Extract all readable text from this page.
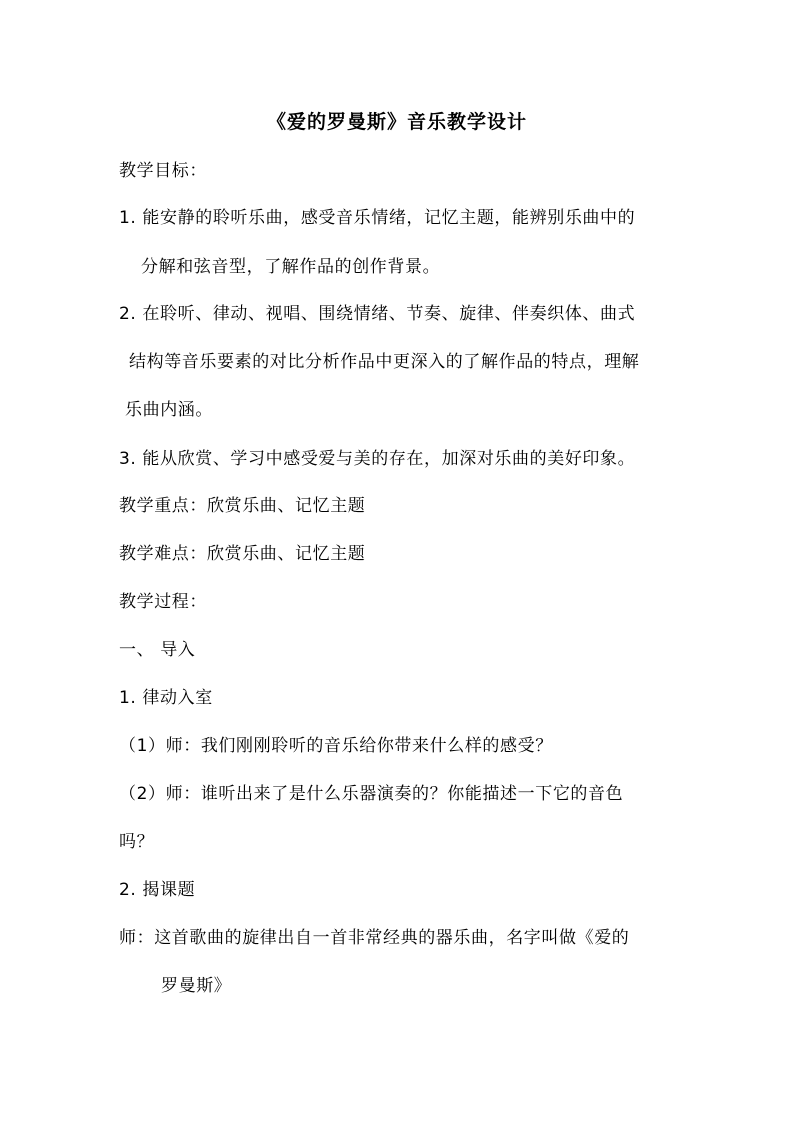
《爱的罗曼斯》音乐教学设计
教学目标：
1. 能安静的聆听乐曲，感受音乐情绪，记忆主题，能辨别乐曲中的
分解和弦音型，了解作品的创作背景。
2. 在聆听、律动、视唱、围绕情绪、节奏、旋律、伴奏织体、曲式
结构等音乐要素的对比分析作品中更深入的了解作品的特点，理解
乐曲内涵。
3. 能从欣赏、学习中感受爱与美的存在，加深对乐曲的美好印象。
教学重点：欣赏乐曲、记忆主题
教学难点：欣赏乐曲、记忆主题
教学过程：
一、 导入
1. 律动入室
（1）师：我们刚刚聆听的音乐给你带来什么样的感受？
（2）师：谁听出来了是什么乐器演奏的？你能描述一下它的音色
吗？
2. 揭课题
师：这首歌曲的旋律出自一首非常经典的器乐曲，名字叫做《爱的
罗曼斯》
